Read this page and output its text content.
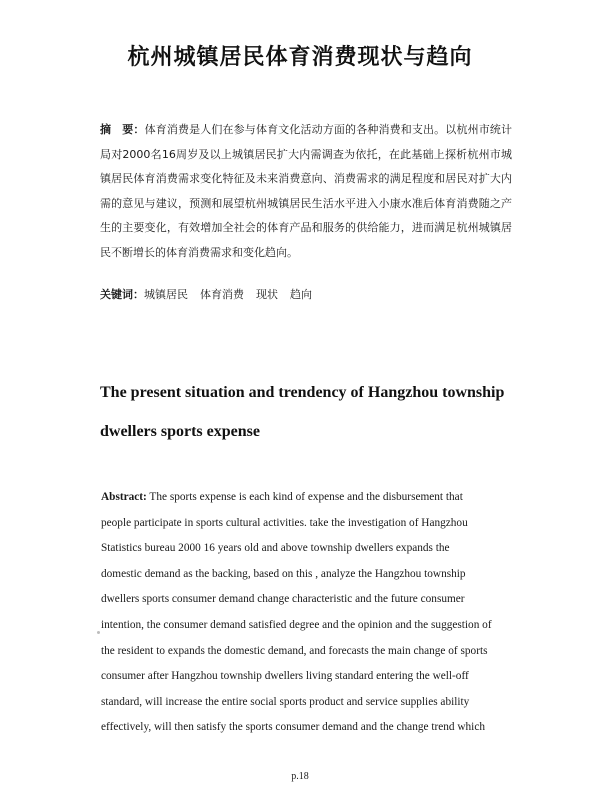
杭州城镇居民体育消费现状与趋向
摘　要：体育消费是人们在参与体育文化活动方面的各种消费和支出。以杭州市统计局对2000名16周岁及以上城镇居民扩大内需调查为依托，在此基础上探析杭州市城镇居民体育消费需求变化特征及未来消费意向、消费需求的满足程度和居民对扩大内需的意见与建议，预测和展望杭州城镇居民生活水平进入小康水准后体育消费随之产生的主要变化，有效增加全社会的体育产品和服务的供给能力，进而满足杭州城镇居民不断增长的体育消费需求和变化趋向。
关键词：城镇居民 体育消费 现状 趋向
The present situation and trendency of Hangzhou township
dwellers sports expense
Abstract: The sports expense is each kind of expense and the disbursement that
people participate in sports cultural activities. take the investigation of Hangzhou
Statistics bureau 2000 16 years old and above township dwellers expands the
domestic demand as the backing, based on this , analyze the Hangzhou township
dwellers sports consumer demand change characteristic and the future consumer
intention, the consumer demand satisfied degree and the opinion and the suggestion of
the resident to expands the domestic demand, and forecasts the main change of sports
consumer after Hangzhou township dwellers living standard entering the well-off
standard, will increase the entire social sports product and service supplies ability
effectively, will then satisfy the sports consumer demand and the change trend which
p.18
